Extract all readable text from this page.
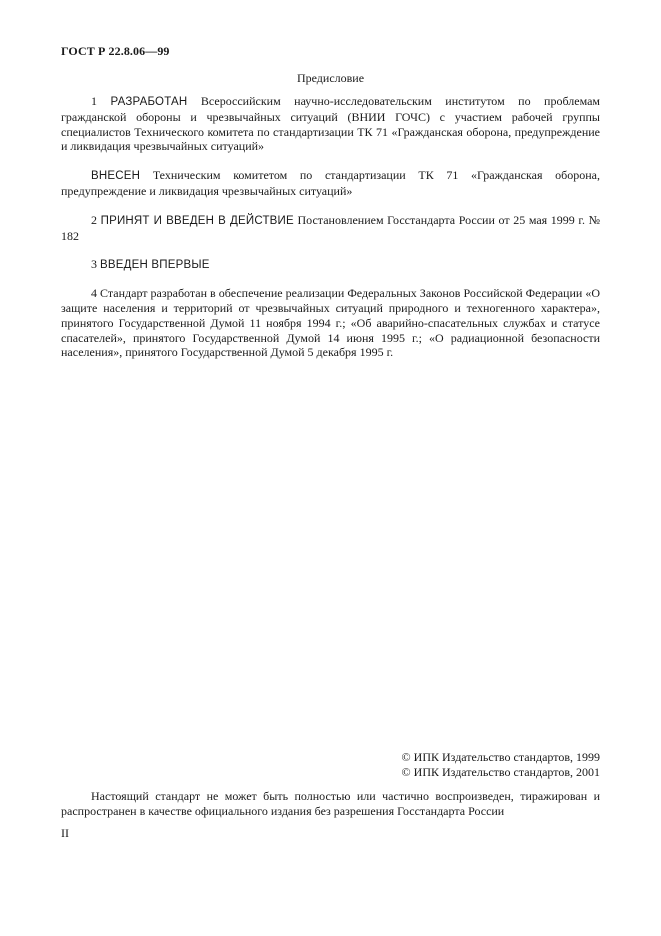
ГОСТ Р 22.8.06—99
Предисловие

1 РАЗРАБОТАН Всероссийским научно-исследовательским институтом по проблемам гражданской обороны и чрезвычайных ситуаций (ВНИИ ГОЧС) с участием рабочей группы специалистов Технического комитета по стандартизации ТК 71 «Гражданская оборона, предупреждение и ликвидация чрезвычайных ситуаций»

ВНЕСЕН Техническим комитетом по стандартизации ТК 71 «Гражданская оборона, предупреждение и ликвидация чрезвычайных ситуаций»

2 ПРИНЯТ И ВВЕДЕН В ДЕЙСТВИЕ Постановлением Госстандарта России от 25 мая 1999 г. № 182

3 ВВЕДЕН ВПЕРВЫЕ

4 Стандарт разработан в обеспечение реализации Федеральных Законов Российской Федерации «О защите населения и территорий от чрезвычайных ситуаций природного и техногенного характера», принятого Государственной Думой 11 ноября 1994 г.; «Об аварийно-спасательных службах и статусе спасателей», принятого Государственной Думой 14 июня 1995 г.; «О радиационной безопасности населения», принятого Государственной Думой 5 декабря 1995 г.

© ИПК Издательство стандартов, 1999
© ИПК Издательство стандартов, 2001

Настоящий стандарт не может быть полностью или частично воспроизведен, тиражирован и распространен в качестве официального издания без разрешения Госстандарта России

II
